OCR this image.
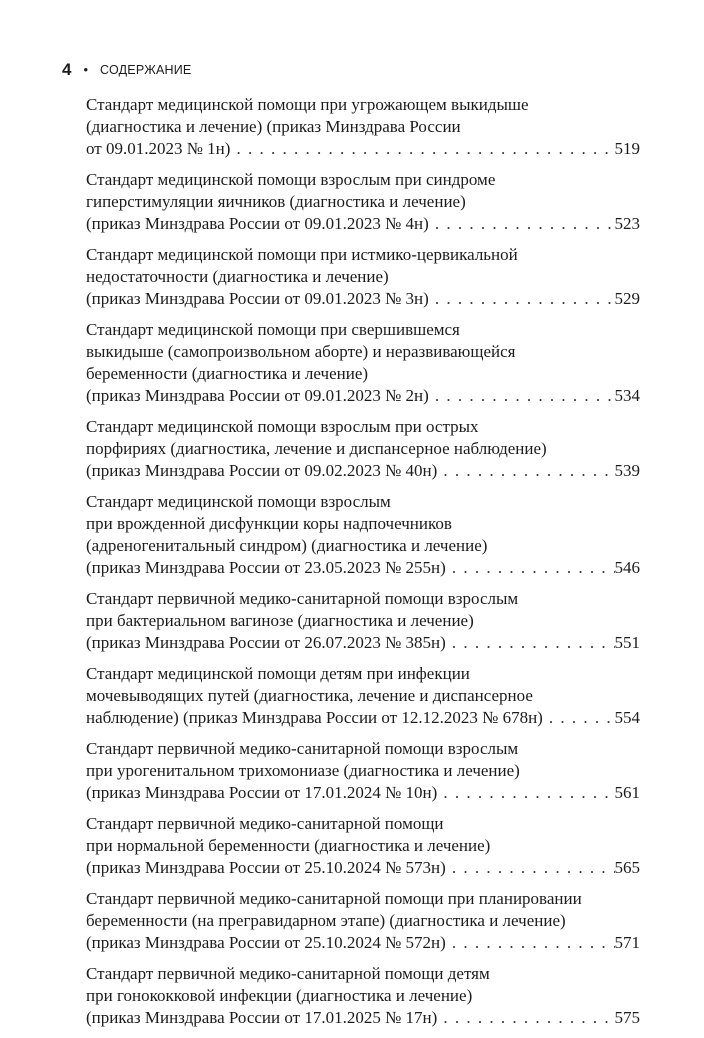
4 • СОДЕРЖАНИЕ
Стандарт медицинской помощи при угрожающем выкидыше
(диагностика и лечение) (приказ Минздрава России
от 09.01.2023 № 1н) . . .	519
Стандарт медицинской помощи взрослым при синдроме
гиперстимуляции яичников (диагностика и лечение)
(приказ Минздрава России от 09.01.2023 № 4н) . . .	523
Стандарт медицинской помощи при истмико-цервикальной
недостаточности (диагностика и лечение)
(приказ Минздрава России от 09.01.2023 № 3н) . . .	529
Стандарт медицинской помощи при свершившемся
выкидыше (самопроизвольном аборте) и неразвивающейся
беременности (диагностика и лечение)
(приказ Минздрава России от 09.01.2023 № 2н) . . .	534
Стандарт медицинской помощи взрослым при острых
порфириях (диагностика, лечение и диспансерное наблюдение)
(приказ Минздрава России от 09.02.2023 № 40н) . . .	539
Стандарт медицинской помощи взрослым
при врожденной дисфункции коры надпочечников
(адреногенитальный синдром) (диагностика и лечение)
(приказ Минздрава России от 23.05.2023 № 255н) . . .	546
Стандарт первичной медико-санитарной помощи взрослым
при бактериальном вагинозе (диагностика и лечение)
(приказ Минздрава России от 26.07.2023 № 385н) . . .	551
Стандарт медицинской помощи детям при инфекции
мочевыводящих путей (диагностика, лечение и диспансерное
наблюдение) (приказ Минздрава России от 12.12.2023 № 678н) . . .	554
Стандарт первичной медико-санитарной помощи взрослым
при урогенитальном трихомониазе (диагностика и лечение)
(приказ Минздрава России от 17.01.2024 № 10н) . . .	561
Стандарт первичной медико-санитарной помощи
при нормальной беременности (диагностика и лечение)
(приказ Минздрава России от 25.10.2024 № 573н) . . .	565
Стандарт первичной медико-санитарной помощи при планировании
беременности (на прегравидарном этапе) (диагностика и лечение)
(приказ Минздрава России от 25.10.2024 № 572н) . . .	571
Стандарт первичной медико-санитарной помощи детям
при гонококковой инфекции (диагностика и лечение)
(приказ Минздрава России от 17.01.2025 № 17н) . . .	575
